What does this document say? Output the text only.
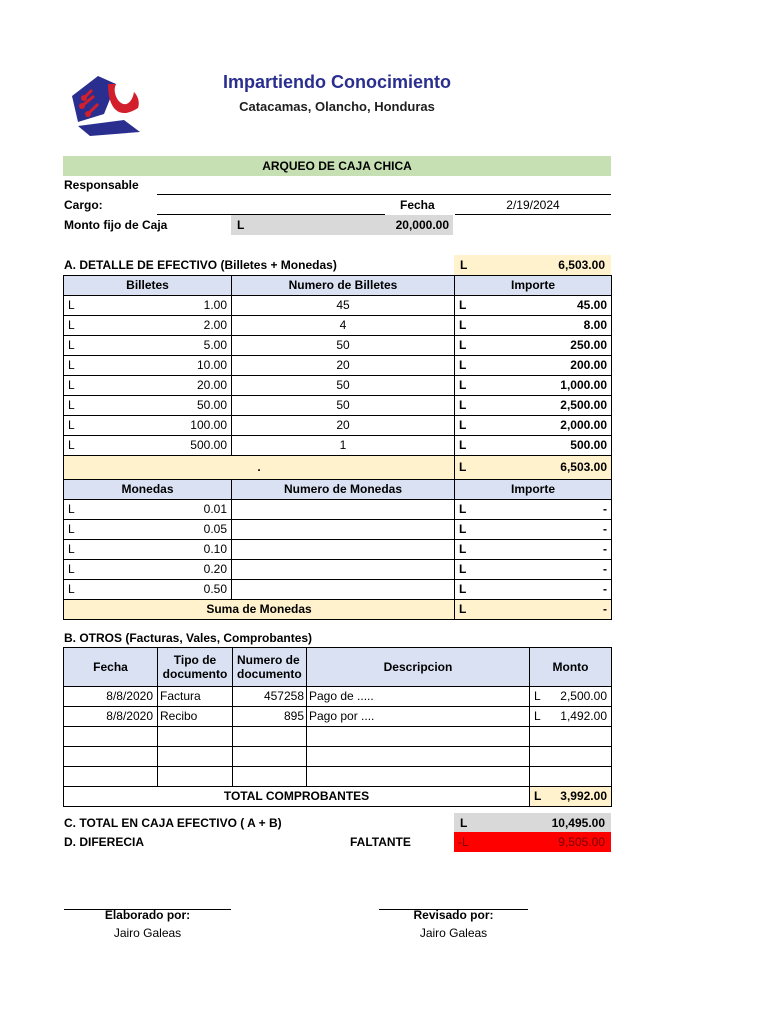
Impartiendo Conocimiento
Catacamas, Olancho, Honduras
ARQUEO DE CAJA CHICA
Responsable
Cargo:	Fecha	2/19/2024
Monto fijo de Caja	L	20,000.00
A. DETALLE DE EFECTIVO (Billetes + Monedas)	L	6,503.00
Billetes	Numero de Billetes	Importe

L 1.00	45	L 45.00

L 2.00	4	L 8.00

L 5.00	50	L 250.00

L 10.00	20	L 200.00

L 20.00	50	L 1,000.00

L 50.00	50	L 2,500.00

L 100.00	20	L 2,000.00

L 500.00	1	L 500.00

.		L 6,503.00

Monedas	Numero de Monedas	Importe

L 0.01		L -

L 0.05		L -

L 0.10		L -

L 0.20		L -

L 0.50		L -

Suma de Monedas		L -
B. OTROS (Facturas, Vales, Comprobantes)
Fecha	Tipo de documento	Numero de documento	Descripcion	Monto
8/8/2020	Factura	457258	Pago de .....	L 2,500.00

8/8/2020	Recibo	895	Pago por ....	L 1,492.00

TOTAL COMPROBANTES				L 3,992.00
C. TOTAL EN CAJA EFECTIVO ( A + B)	L	10,495.00
D. DIFERECIA	FALTANTE	-L	9,505.00
Elaborado por:
Jairo Galeas
Revisado por:
Jairo Galeas
